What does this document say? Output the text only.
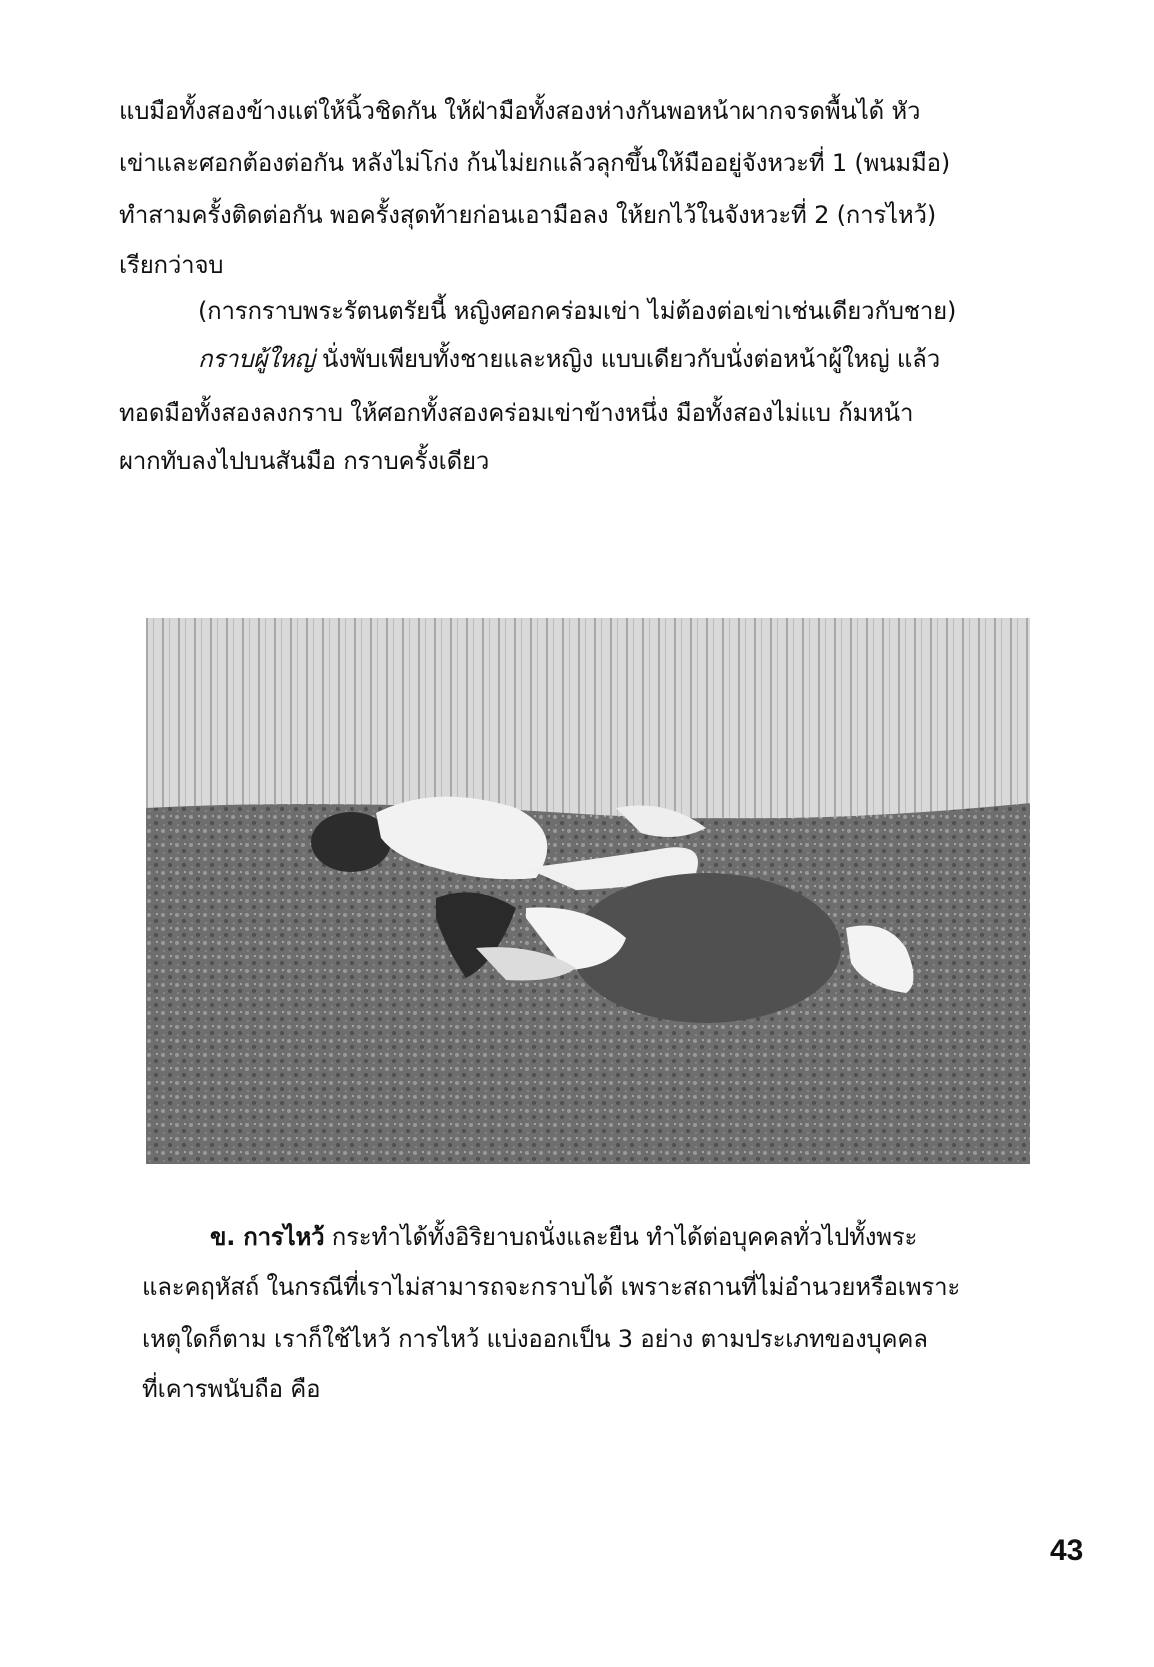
แบมือทั้งสองข้างแต่ให้นิ้วชิดกัน ให้ฝ่ามือทั้งสองห่างกันพอหน้าผากจรดพื้นได้ หัว
เข่าและศอกต้องต่อกัน หลังไม่โก่ง ก้นไม่ยกแล้วลุกขึ้นให้มืออยู่จังหวะที่ 1 (พนมมือ)
ทำสามครั้งติดต่อกัน พอครั้งสุดท้ายก่อนเอามือลง ให้ยกไว้ในจังหวะที่ 2 (การไหว้)
เรียกว่าจบ
(การกราบพระรัตนตรัยนี้ หญิงศอกคร่อมเข่า ไม่ต้องต่อเข่าเช่นเดียวกับชาย)
กราบผู้ใหญ่ นั่งพับเพียบทั้งชายและหญิง แบบเดียวกับนั่งต่อหน้าผู้ใหญ่ แล้ว
ทอดมือทั้งสองลงกราบ ให้ศอกทั้งสองคร่อมเข่าข้างหนึ่ง มือทั้งสองไม่แบ ก้มหน้า
ผากทับลงไปบนสันมือ กราบครั้งเดียว
ข. การไหว้ กระทำได้ทั้งอิริยาบถนั่งและยืน ทำได้ต่อบุคคลทั่วไปทั้งพระ
และคฤหัสถ์ ในกรณีที่เราไม่สามารถจะกราบได้ เพราะสถานที่ไม่อำนวยหรือเพราะ
เหตุใดก็ตาม เราก็ใช้ไหว้ การไหว้ แบ่งออกเป็น 3 อย่าง ตามประเภทของบุคคล
ที่เคารพนับถือ คือ
43
